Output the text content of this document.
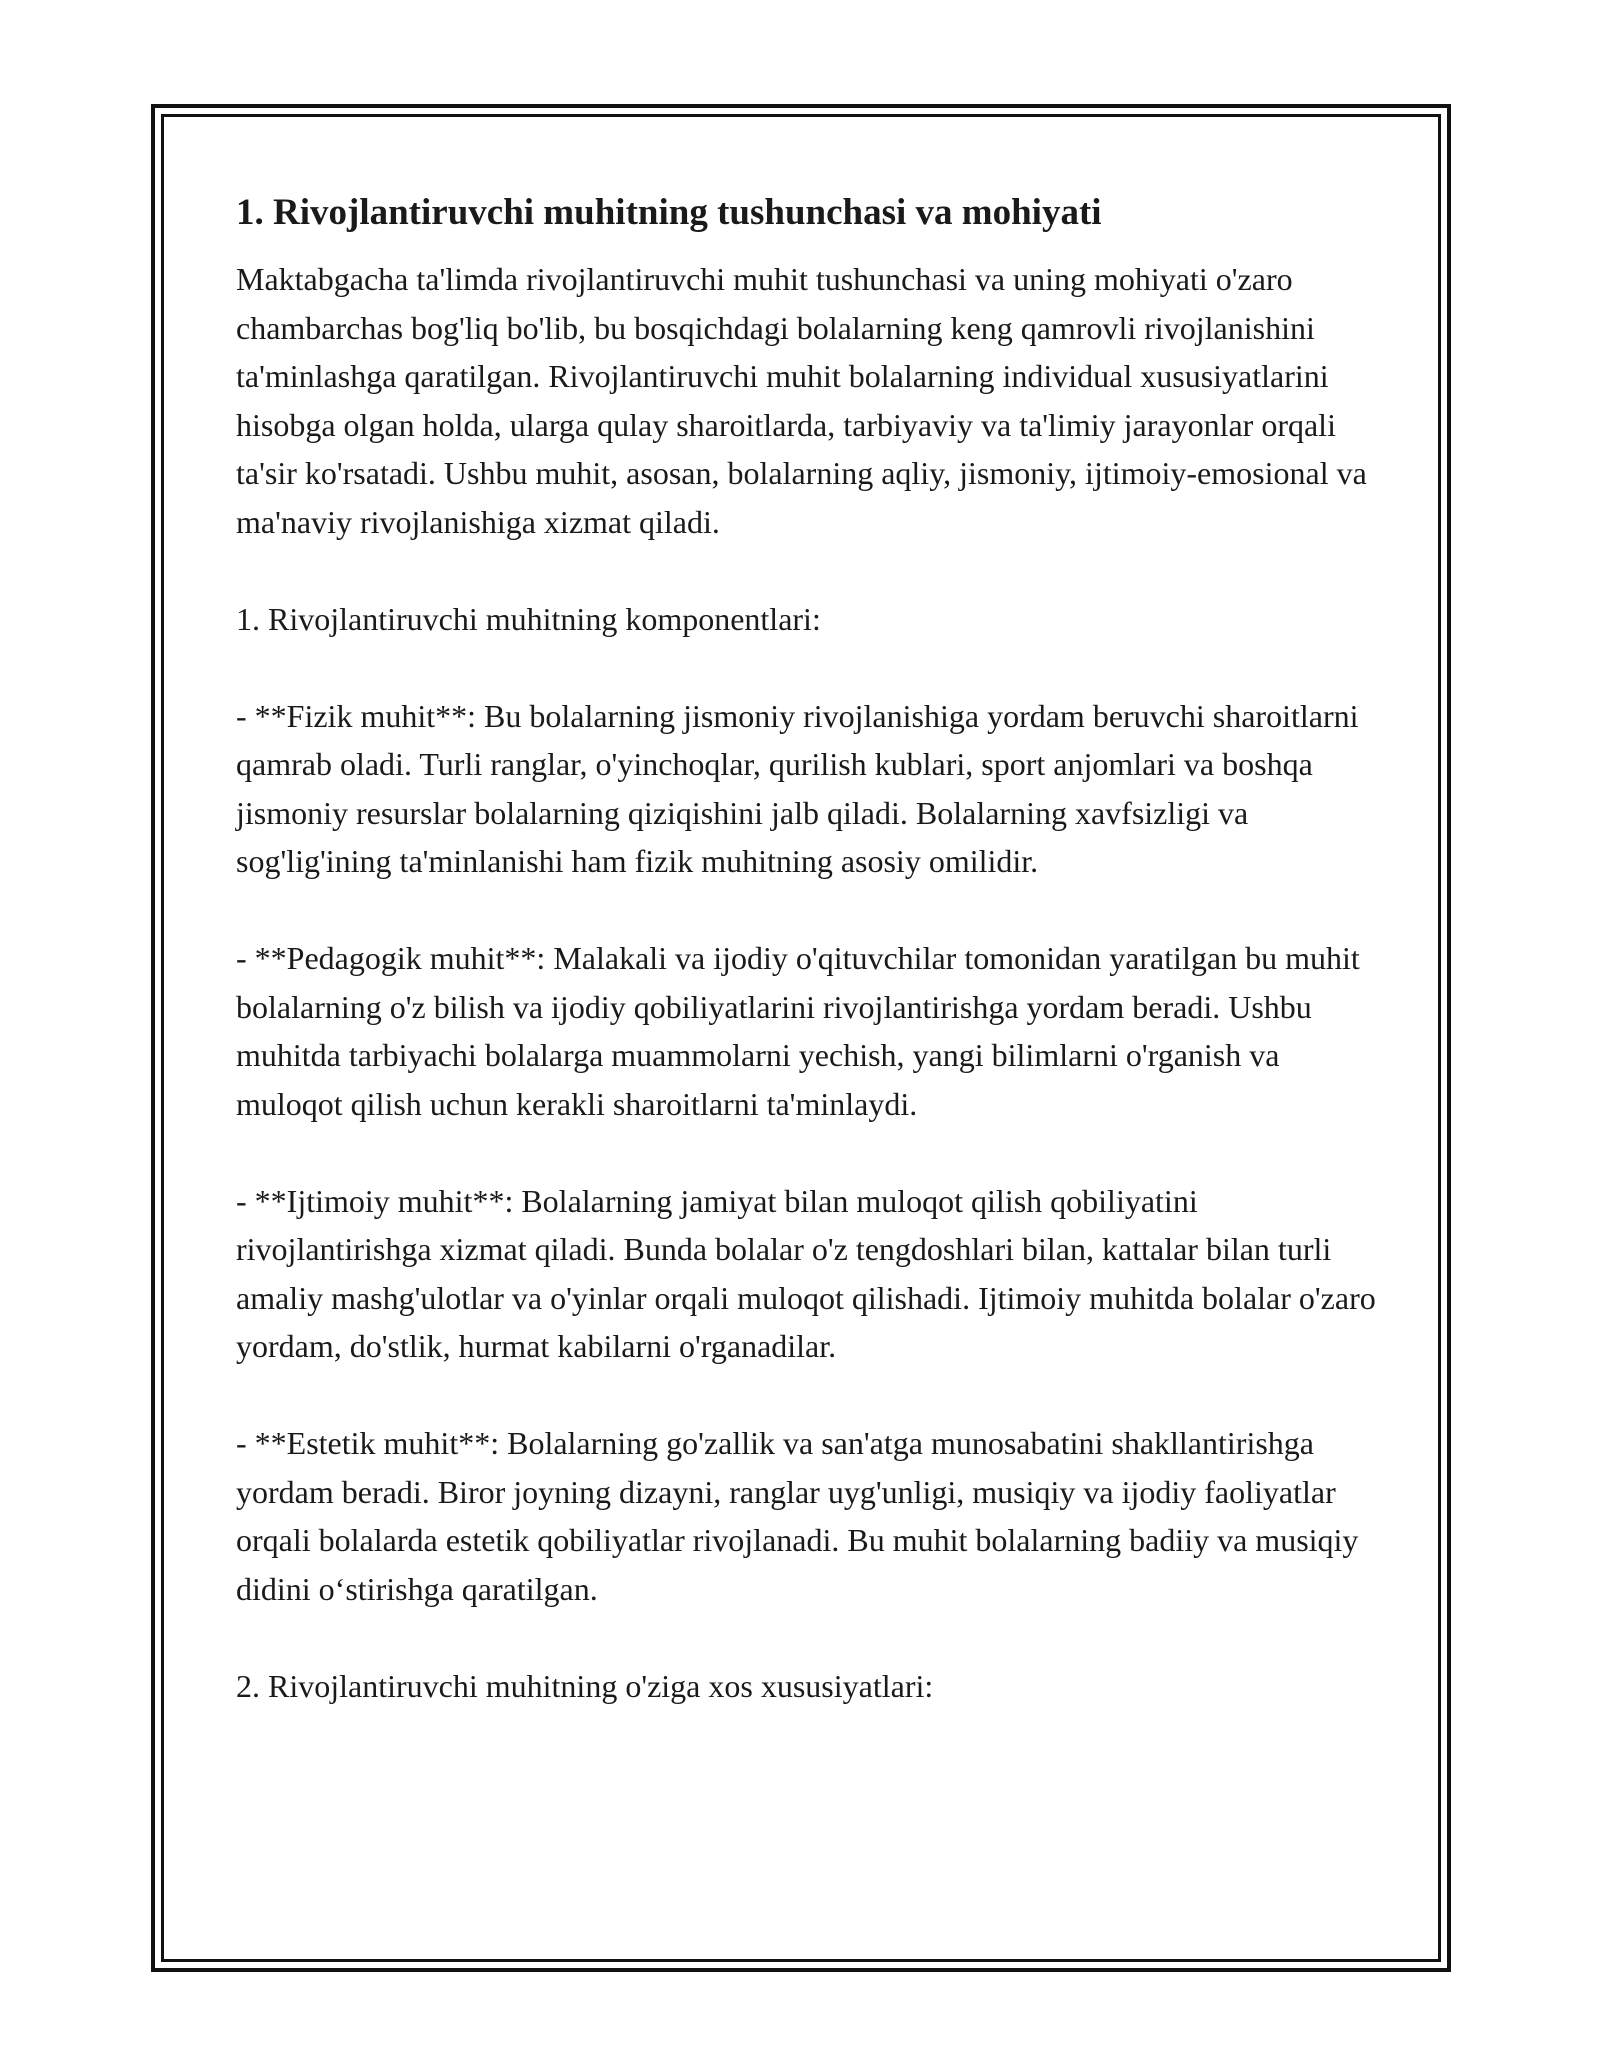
1. Rivojlantiruvchi muhitning tushunchasi va mohiyati

Maktabgacha ta'limda rivojlantiruvchi muhit tushunchasi va uning mohiyati o'zaro chambarchas bog'liq bo'lib, bu bosqichdagi bolalarning keng qamrovli rivojlanishini ta'minlashga qaratilgan. Rivojlantiruvchi muhit bolalarning individual xususiyatlarini hisobga olgan holda, ularga qulay sharoitlarda, tarbiyaviy va ta'limiy jarayonlar orqali ta'sir ko'rsatadi. Ushbu muhit, asosan, bolalarning aqliy, jismoniy, ijtimoiy-emosional va ma'naviy rivojlanishiga xizmat qiladi.

1. Rivojlantiruvchi muhitning komponentlari:

- **Fizik muhit**: Bu bolalarning jismoniy rivojlanishiga yordam beruvchi sharoitlarni qamrab oladi. Turli ranglar, o'yinchoqlar, qurilish kublari, sport anjomlari va boshqa jismoniy resurslar bolalarning qiziqishini jalb qiladi. Bolalarning xavfsizligi va sog'lig'ining ta'minlanishi ham fizik muhitning asosiy omilidir.

- **Pedagogik muhit**: Malakali va ijodiy o'qituvchilar tomonidan yaratilgan bu muhit bolalarning o'z bilish va ijodiy qobiliyatlarini rivojlantirishga yordam beradi. Ushbu muhitda tarbiyachi bolalarga muammolarni yechish, yangi bilimlarni o'rganish va muloqot qilish uchun kerakli sharoitlarni ta'minlaydi.

- **Ijtimoiy muhit**: Bolalarning jamiyat bilan muloqot qilish qobiliyatini rivojlantirishga xizmat qiladi. Bunda bolalar o'z tengdoshlari bilan, kattalar bilan turli amaliy mashg'ulotlar va o'yinlar orqali muloqot qilishadi. Ijtimoiy muhitda bolalar o'zaro yordam, do'stlik, hurmat kabilarni o'rganadilar.

- **Estetik muhit**: Bolalarning go'zallik va san'atga munosabatini shakllantirishga yordam beradi. Biror joyning dizayni, ranglar uyg'unligi, musiqiy va ijodiy faoliyatlar orqali bolalarda estetik qobiliyatlar rivojlanadi. Bu muhit bolalarning badiiy va musiqiy didini o‘stirishga qaratilgan.

2. Rivojlantiruvchi muhitning o'ziga xos xususiyatlari:
